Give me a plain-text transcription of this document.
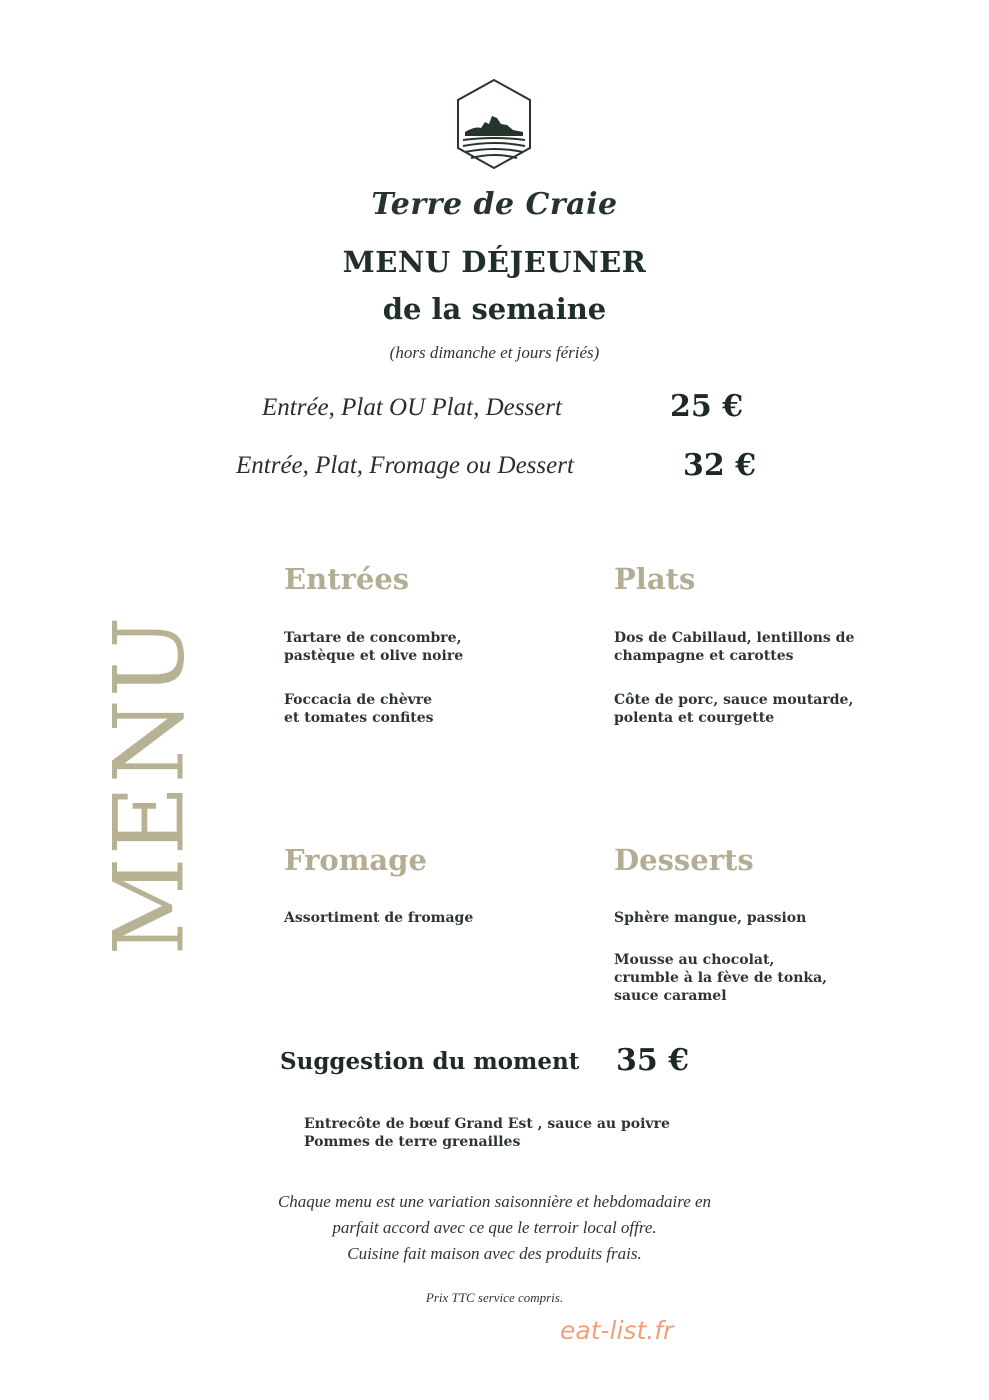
Terre de Craie
MENU DÉJEUNER
de la semaine
(hors dimanche et jours fériés)
Entrée, Plat OU Plat, Dessert	25 €
Entrée, Plat, Fromage ou Dessert	32 €
MENU
Entrées
Tartare de concombre,
pastèque et olive noire
Foccacia de chèvre
et tomates confites
Plats
Dos de Cabillaud, lentillons de
champagne et carottes
Côte de porc, sauce moutarde,
polenta et courgette
Fromage
Assortiment de fromage
Desserts
Sphère mangue, passion
Mousse au chocolat,
crumble à la fève de tonka,
sauce caramel
Suggestion du moment 35 €
Entrecôte de bœuf Grand Est , sauce au poivre
Pommes de terre grenailles
Chaque menu est une variation saisonnière et hebdomadaire en
parfait accord avec ce que le terroir local offre.
Cuisine fait maison avec des produits frais.
Prix TTC service compris.
eat-list.fr
